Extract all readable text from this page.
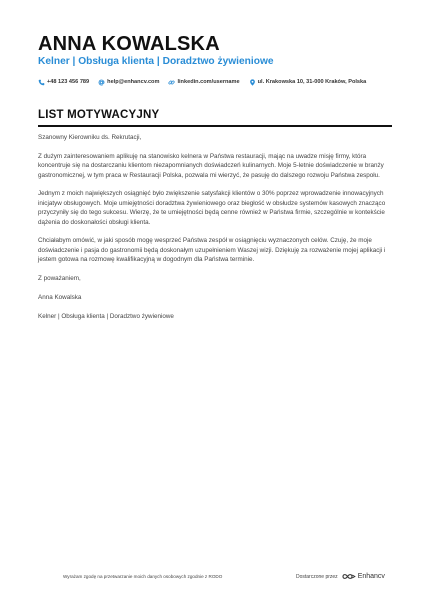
ANNA KOWALSKA
Kelner | Obsługa klienta | Doradztwo żywieniowe
+48 123 456 789	help@enhancv.com	linkedin.com/username	ul. Krakowska 10, 31-000 Kraków, Polska
LIST MOTYWACYJNY

Szanowny Kierowniku ds. Rekrutacji,

Z dużym zainteresowaniem aplikuję na stanowisko kelnera w Państwa restauracji, mając na uwadze misję firmy, która koncentruje się na dostarczaniu klientom niezapomnianych doświadczeń kulinarnych. Moje 5-letnie doświadczenie w branży gastronomicznej, w tym praca w Restauracji Polska, pozwala mi wierzyć, że pasuję do dalszego rozwoju Państwa zespołu.

Jednym z moich największych osiągnięć było zwiększenie satysfakcji klientów o 30% poprzez wprowadzenie innowacyjnych inicjatyw obsługowych. Moje umiejętności doradztwa żywieniowego oraz biegłość w obsłudze systemów kasowych znacząco przyczyniły się do tego sukcesu. Wierzę, że te umiejętności będą cenne również w Państwa firmie, szczególnie w kontekście dążenia do doskonałości obsługi klienta.

Chciałabym omówić, w jaki sposób mogę wesprzeć Państwa zespół w osiągnięciu wyznaczonych celów. Czuję, że moje doświadczenie i pasja do gastronomii będą doskonałym uzupełnieniem Waszej wizji. Dziękuję za rozważenie mojej aplikacji i jestem gotowa na rozmowę kwalifikacyjną w dogodnym dla Państwa terminie.

Z poważaniem,

Anna Kowalska

Kelner | Obsługa klienta | Doradztwo żywieniowe

Wyrażam zgodę na przetwarzanie moich danych osobowych zgodnie z RODO	Dostarczone przez	Enhancv
